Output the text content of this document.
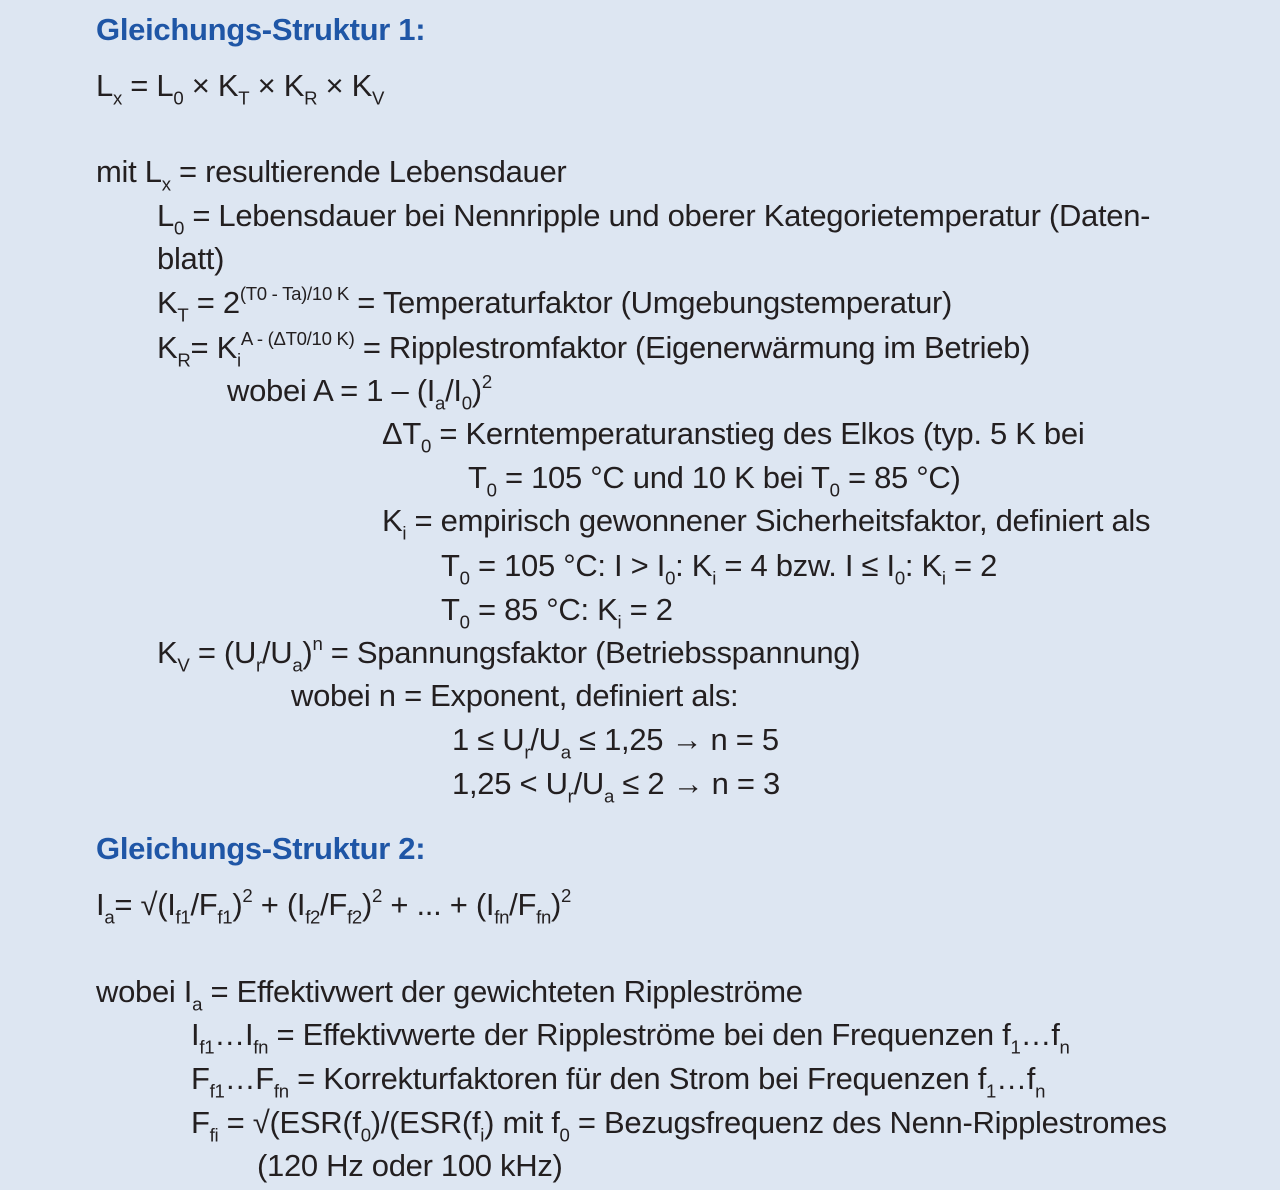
Gleichungs-Struktur 1:
$L_x = L_0 \times K_T \times K_R \times K_V$
mit $L_x$ = resultierende Lebensdauer
$L_0$ = Lebensdauer bei Nennripple und oberer Kategorietemperatur (Daten-
blatt)
$K_T = 2^{(T0 - Ta)/10 K}$ = Temperaturfaktor (Umgebungstemperatur)
$K_R= K_i^{A - (\Delta T0/10 K)}$ = Ripplestromfaktor (Eigenerwärmung im Betrieb)
wobei $A = 1 - (I_a/I_0)^2$
$\Delta T_0$ = Kerntemperaturanstieg des Elkos (typ. 5 K bei
$T_0 = 105$ °C und 10 K bei $T_0 = 85$ °C)
$K_i$ = empirisch gewonnener Sicherheitsfaktor, definiert als
$T_0 = 105$ °C: $I > I_0$: $K_i = 4$ bzw. $I \le I_0$: $K_i = 2$
$T_0 = 85$ °C: $K_i = 2$
$K_V = (U_r/U_a)^n$ = Spannungsfaktor (Betriebsspannung)
wobei n = Exponent, definiert als:
$1 \le U_r/U_a \le 1,25 \to n = 5$
$1,25 < U_r/U_a \le 2 \to n = 3$
Gleichungs-Struktur 2:
$I_a= √(I_{f1}/F_{f1})^2 + (I_{f2}/F_{f2})^2$ + ... + $(I_{fn}/F_{fn})^2$
wobei $I_a$ = Effektivwert der gewichteten Rippleströme
$I_{f1}\dots I_{fn}$ = Effektivwerte der Rippleströme bei den Frequenzen $f_1\dots f_n$
$F_{f1}\dots F_{fn}$ = Korrekturfaktoren für den Strom bei Frequenzen $f_1\dots f_n$
$F_{fi} = √(ESR(f_0)/(ESR(f_i)$ mit $f_0$ = Bezugsfrequenz des Nenn-Ripplestromes
(120 Hz oder 100 kHz)
